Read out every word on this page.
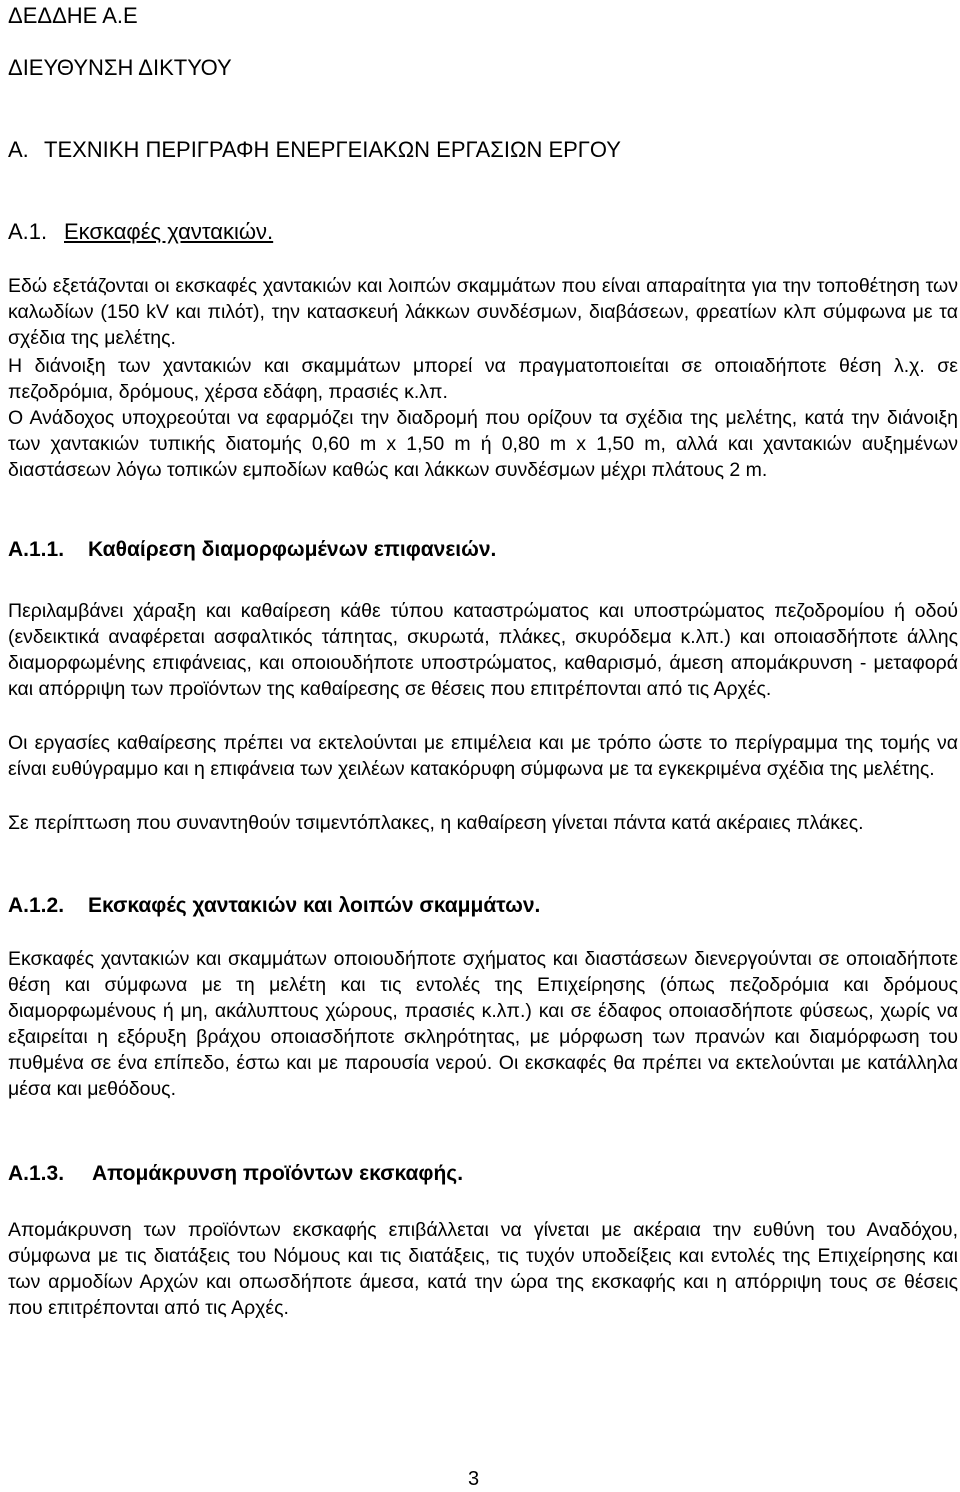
ΔΕΔΔΗΕ Α.Ε

ΔΙΕΥΘΥΝΣΗ ΔΙΚΤΥΟΥ

Α. ΤΕΧΝΙΚΗ ΠΕΡΙΓΡΑΦΗ ΕΝΕΡΓΕΙΑΚΩΝ ΕΡΓΑΣΙΩΝ ΕΡΓΟΥ
Α.1. Εκσκαφές χαντακιών.

Εδώ εξετάζονται οι εκσκαφές χαντακιών και λοιπών σκαμμάτων που είναι απαραίτητα για την τοποθέτηση των καλωδίων (150 kV και πιλότ), την κατασκευή λάκκων συνδέσμων, διαβάσεων, φρεατίων κλπ σύμφωνα με τα σχέδια της μελέτης.

Η διάνοιξη των χαντακιών και σκαμμάτων μπορεί να πραγματοποιείται σε οποιαδήποτε θέση λ.χ. σε πεζοδρόμια, δρόμους, χέρσα εδάφη, πρασιές κ.λπ.

Ο Ανάδοχος υποχρεούται να εφαρμόζει την διαδρομή που ορίζουν τα σχέδια της μελέτης, κατά την διάνοιξη των χαντακιών τυπικής διατομής 0,60 m x 1,50 m ή 0,80 m x 1,50 m, αλλά και χαντακιών αυξημένων διαστάσεων λόγω τοπικών εμποδίων καθώς και λάκκων συνδέσμων μέχρι πλάτους 2 m.

Α.1.1. Καθαίρεση διαμορφωμένων επιφανειών.

Περιλαμβάνει χάραξη και καθαίρεση κάθε τύπου καταστρώματος και υποστρώματος πεζοδρομίου ή οδού (ενδεικτικά αναφέρεται ασφαλτικός τάπητας, σκυρωτά, πλάκες, σκυρόδεμα κ.λπ.) και οποιασδήποτε άλλης διαμορφωμένης επιφάνειας, και οποιουδήποτε υποστρώματος, καθαρισμό, άμεση απομάκρυνση - μεταφορά και απόρριψη των προϊόντων της καθαίρεσης σε θέσεις που επιτρέπονται από τις Αρχές.

Οι εργασίες καθαίρεσης πρέπει να εκτελούνται με επιμέλεια και με τρόπο ώστε το περίγραμμα της τομής να είναι ευθύγραμμο και η επιφάνεια των χειλέων κατακόρυφη σύμφωνα με τα εγκεκριμένα σχέδια της μελέτης.

Σε περίπτωση που συναντηθούν τσιμεντόπλακες, η καθαίρεση γίνεται πάντα κατά ακέραιες πλάκες.

Α.1.2. Εκσκαφές χαντακιών και λοιπών σκαμμάτων.

Εκσκαφές χαντακιών και σκαμμάτων οποιουδήποτε σχήματος και διαστάσεων διενεργούνται σε οποιαδήποτε θέση και σύμφωνα με τη μελέτη και τις εντολές της Επιχείρησης (όπως πεζοδρόμια και δρόμους διαμορφωμένους ή μη, ακάλυπτους χώρους, πρασιές κ.λπ.) και σε έδαφος οποιασδήποτε φύσεως, χωρίς να εξαιρείται η εξόρυξη βράχου οποιασδήποτε σκληρότητας, με μόρφωση των πρανών και διαμόρφωση του πυθμένα σε ένα επίπεδο, έστω και με παρουσία νερού. Οι εκσκαφές θα πρέπει να εκτελούνται με κατάλληλα μέσα και μεθόδους.

Α.1.3. Απομάκρυνση προϊόντων εκσκαφής.

Απομάκρυνση των προϊόντων εκσκαφής επιβάλλεται να γίνεται με ακέραια την ευθύνη του Αναδόχου, σύμφωνα με τις διατάξεις του Νόμους και τις διατάξεις, τις τυχόν υποδείξεις και εντολές της Επιχείρησης και των αρμοδίων Αρχών και οπωσδήποτε άμεσα, κατά την ώρα της εκσκαφής και η απόρριψη τους σε θέσεις που επιτρέπονται από τις Αρχές.

3
